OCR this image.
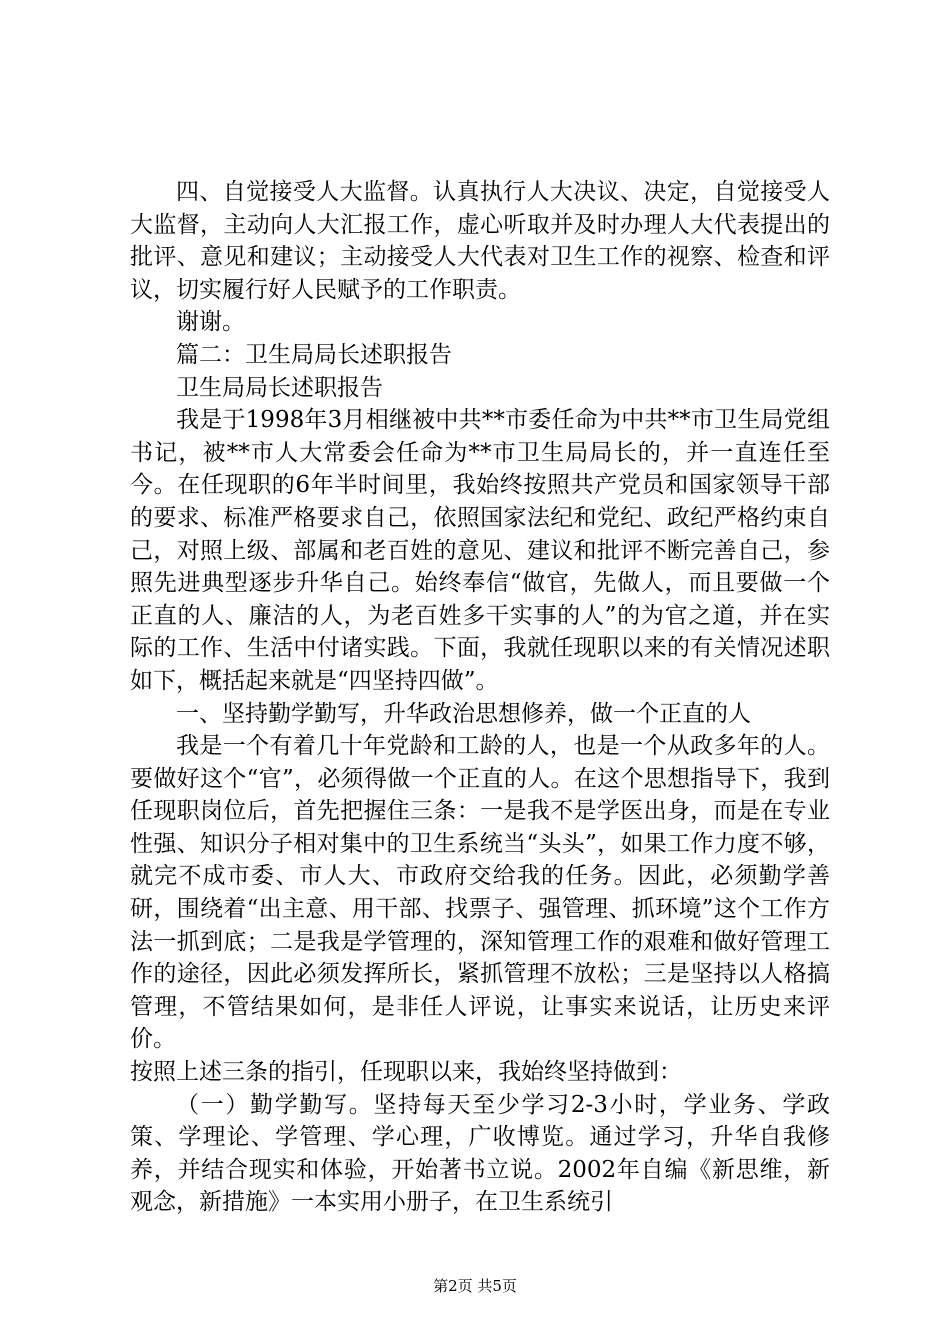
四、自觉接受人大监督。认真执行人大决议、决定，自觉接受人大监督，主动向人大汇报工作，虚心听取并及时办理人大代表提出的批评、意见和建议；主动接受人大代表对卫生工作的视察、检查和评议，切实履行好人民赋予的工作职责。

谢谢。

篇二：卫生局局长述职报告

卫生局局长述职报告

我是于1998年3月相继被中共**市委任命为中共**市卫生局党组书记，被**市人大常委会任命为**市卫生局局长的，并一直连任至今。在任现职的6年半时间里，我始终按照共产党员和国家领导干部的要求、标准严格要求自己，依照国家法纪和党纪、政纪严格约束自己，对照上级、部属和老百姓的意见、建议和批评不断完善自己，参照先进典型逐步升华自己。始终奉信“做官，先做人，而且要做一个正直的人、廉洁的人，为老百姓多干实事的人”的为官之道，并在实际的工作、生活中付诸实践。下面，我就任现职以来的有关情况述职如下，概括起来就是“四坚持四做”。

一、坚持勤学勤写，升华政治思想修养，做一个正直的人

我是一个有着几十年党龄和工龄的人，也是一个从政多年的人。要做好这个“官”，必须得做一个正直的人。在这个思想指导下，我到任现职岗位后，首先把握住三条：一是我不是学医出身，而是在专业性强、知识分子相对集中的卫生系统当“头头”，如果工作力度不够，就完不成市委、市人大、市政府交给我的任务。因此，必须勤学善研，围绕着“出主意、用干部、找票子、强管理、抓环境”这个工作方法一抓到底；二是我是学管理的，深知管理工作的艰难和做好管理工作的途径，因此必须发挥所长，紧抓管理不放松；三是坚持以人格搞管理，不管结果如何，是非任人评说，让事实来说话，让历史来评价。

按照上述三条的指引，任现职以来，我始终坚持做到：

（一）勤学勤写。坚持每天至少学习2-3小时，学业务、学政策、学理论、学管理、学心理，广收博览。通过学习，升华自我修养，并结合现实和体验，开始著书立说。2002年自编《新思维，新观念，新措施》一本实用小册子，在卫生系统引

第2页 共5页
